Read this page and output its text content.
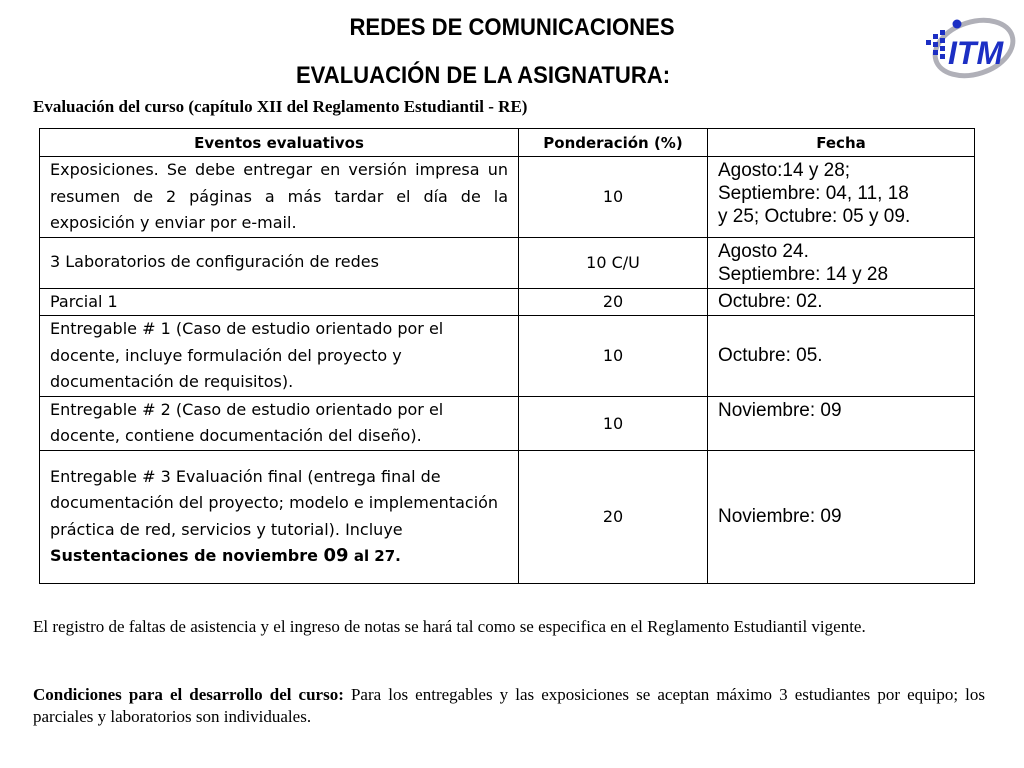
REDES DE COMUNICACIONES
EVALUACIÓN DE LA ASIGNATURA:
ITM
Evaluación del curso (capítulo XII del Reglamento Estudiantil - RE)
Eventos evaluativos	Ponderación (%)	Fecha
Exposiciones. Se debe entregar en versión impresa un resumen de 2 páginas a más tardar el día de la exposición y enviar por e-mail.	10	Agosto:14 y 28;
Septiembre: 04, 11, 18
y 25; Octubre: 05 y 09.

3 Laboratorios de configuración de redes	10 C/U	Agosto 24.
Septiembre: 14 y 28

Parcial 1	20	Octubre: 02.

Entregable # 1 (Caso de estudio orientado por el docente, incluye formulación del proyecto y documentación de requisitos).	10	Octubre: 05.

Entregable # 2 (Caso de estudio orientado por el docente, contiene documentación del diseño).	10	Noviembre: 09

Entregable # 3 Evaluación final (entrega final de documentación del proyecto; modelo e implementación práctica de red, servicios y tutorial). Incluye Sustentaciones de noviembre 09 al 27.	20	Noviembre: 09
El registro de faltas de asistencia y el ingreso de notas se hará tal como se especifica en el Reglamento Estudiantil vigente.
Condiciones para el desarrollo del curso: Para los entregables y las exposiciones se aceptan máximo 3 estudiantes por equipo; los parciales y laboratorios son individuales.
